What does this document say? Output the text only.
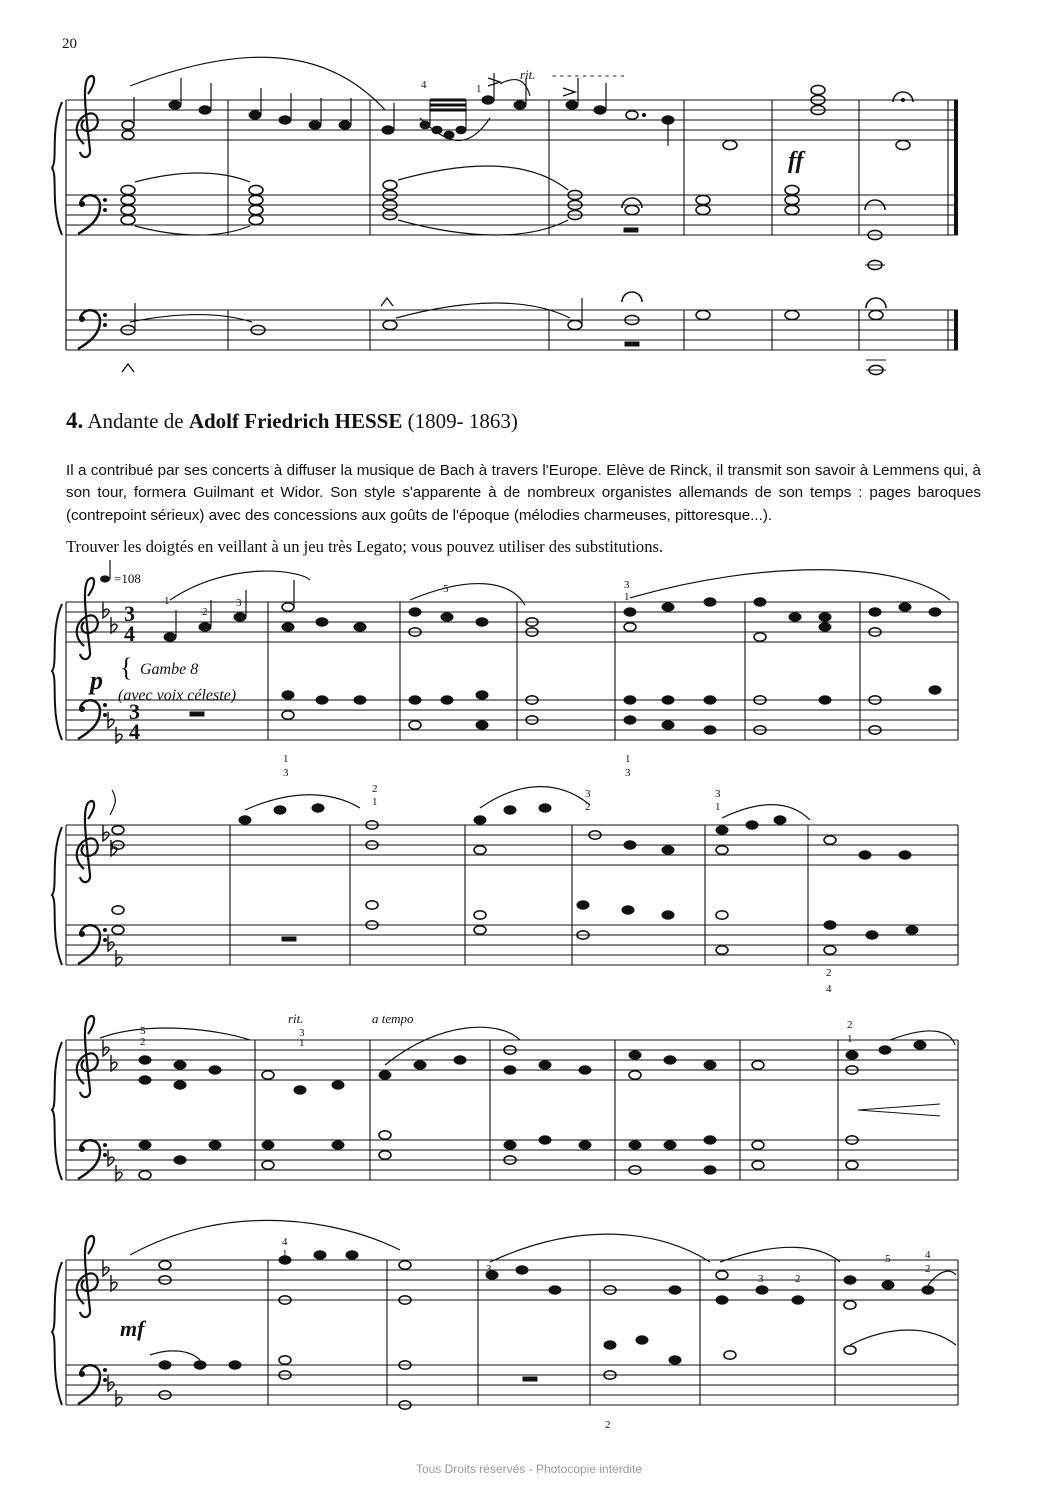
20
4	1
rit. - - - - - - - - - -
ff
3
4
3
4
=108
p { Gambe 8
(avec voix céleste)
rit.	a tempo
mf
1
2
3
5	3
1
1
3
1
3
2
1
3
2
3
1
2
4
5
2
3
1
2
1
4
1
3
3	2
5	4
2
2
4. Andante de Adolf Friedrich HESSE (1809- 1863)
Il a contribué par ses concerts à diffuser la musique de Bach à travers l'Europe. Elève de Rinck, il transmit son savoir à Lemmens qui, à son tour, formera Guilmant et Widor. Son style s'apparente à de nombreux organistes allemands de son temps : pages baroques (contrepoint sérieux) avec des concessions aux goûts de l'époque (mélodies charmeuses, pittoresque...).
Trouver les doigtés en veillant à un jeu très Legato; vous pouvez utiliser des substitutions.
Tous Droits réservés - Photocopie interdite
